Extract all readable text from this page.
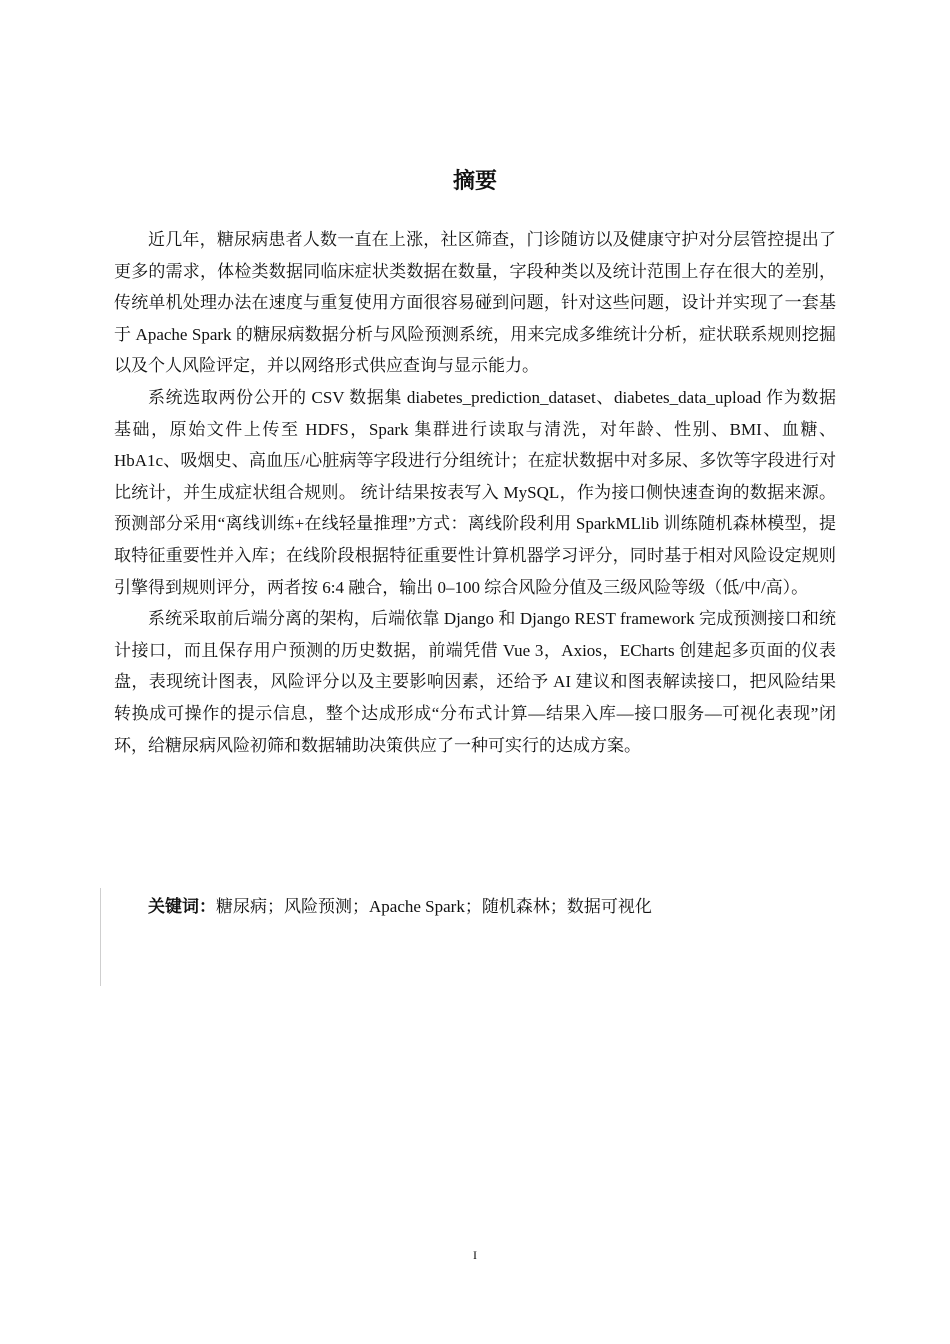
摘要

近几年，糖尿病患者人数一直在上涨，社区筛查，门诊随访以及健康守护对分层管控提出了更多的需求，体检类数据同临床症状类数据在数量，字段种类以及统计范围上存在很大的差别，传统单机处理办法在速度与重复使用方面很容易碰到问题，针对这些问题，设计并实现了一套基于 Apache Spark 的糖尿病数据分析与风险预测系统，用来完成多维统计分析，症状联系规则挖掘以及个人风险评定，并以网络形式供应查询与显示能力。

系统选取两份公开的 CSV 数据集 diabetes_prediction_dataset、diabetes_data_upload 作为数据基础，原始文件上传至 HDFS，Spark 集群进行读取与清洗，对年龄、性别、BMI、血糖、HbA1c、吸烟史、高血压/心脏病等字段进行分组统计；在症状数据中对多尿、多饮等字段进行对比统计，并生成症状组合规则。 统计结果按表写入 MySQL，作为接口侧快速查询的数据来源。预测部分采用“离线训练+在线轻量推理”方式：离线阶段利用 SparkMLlib 训练随机森林模型，提取特征重要性并入库；在线阶段根据特征重要性计算机器学习评分，同时基于相对风险设定规则引擎得到规则评分，两者按 6:4 融合，输出 0–100 综合风险分值及三级风险等级（低/中/高）。

系统采取前后端分离的架构，后端依靠 Django 和 Django REST framework 完成预测接口和统计接口，而且保存用户预测的历史数据，前端凭借 Vue 3，Axios，ECharts 创建起多页面的仪表盘，表现统计图表，风险评分以及主要影响因素，还给予 AI 建议和图表解读接口，把风险结果转换成可操作的提示信息，整个达成形成“分布式计算—结果入库—接口服务—可视化表现”闭环，给糖尿病风险初筛和数据辅助决策供应了一种可实行的达成方案。

关键词：糖尿病；风险预测；Apache Spark；随机森林；数据可视化
I
